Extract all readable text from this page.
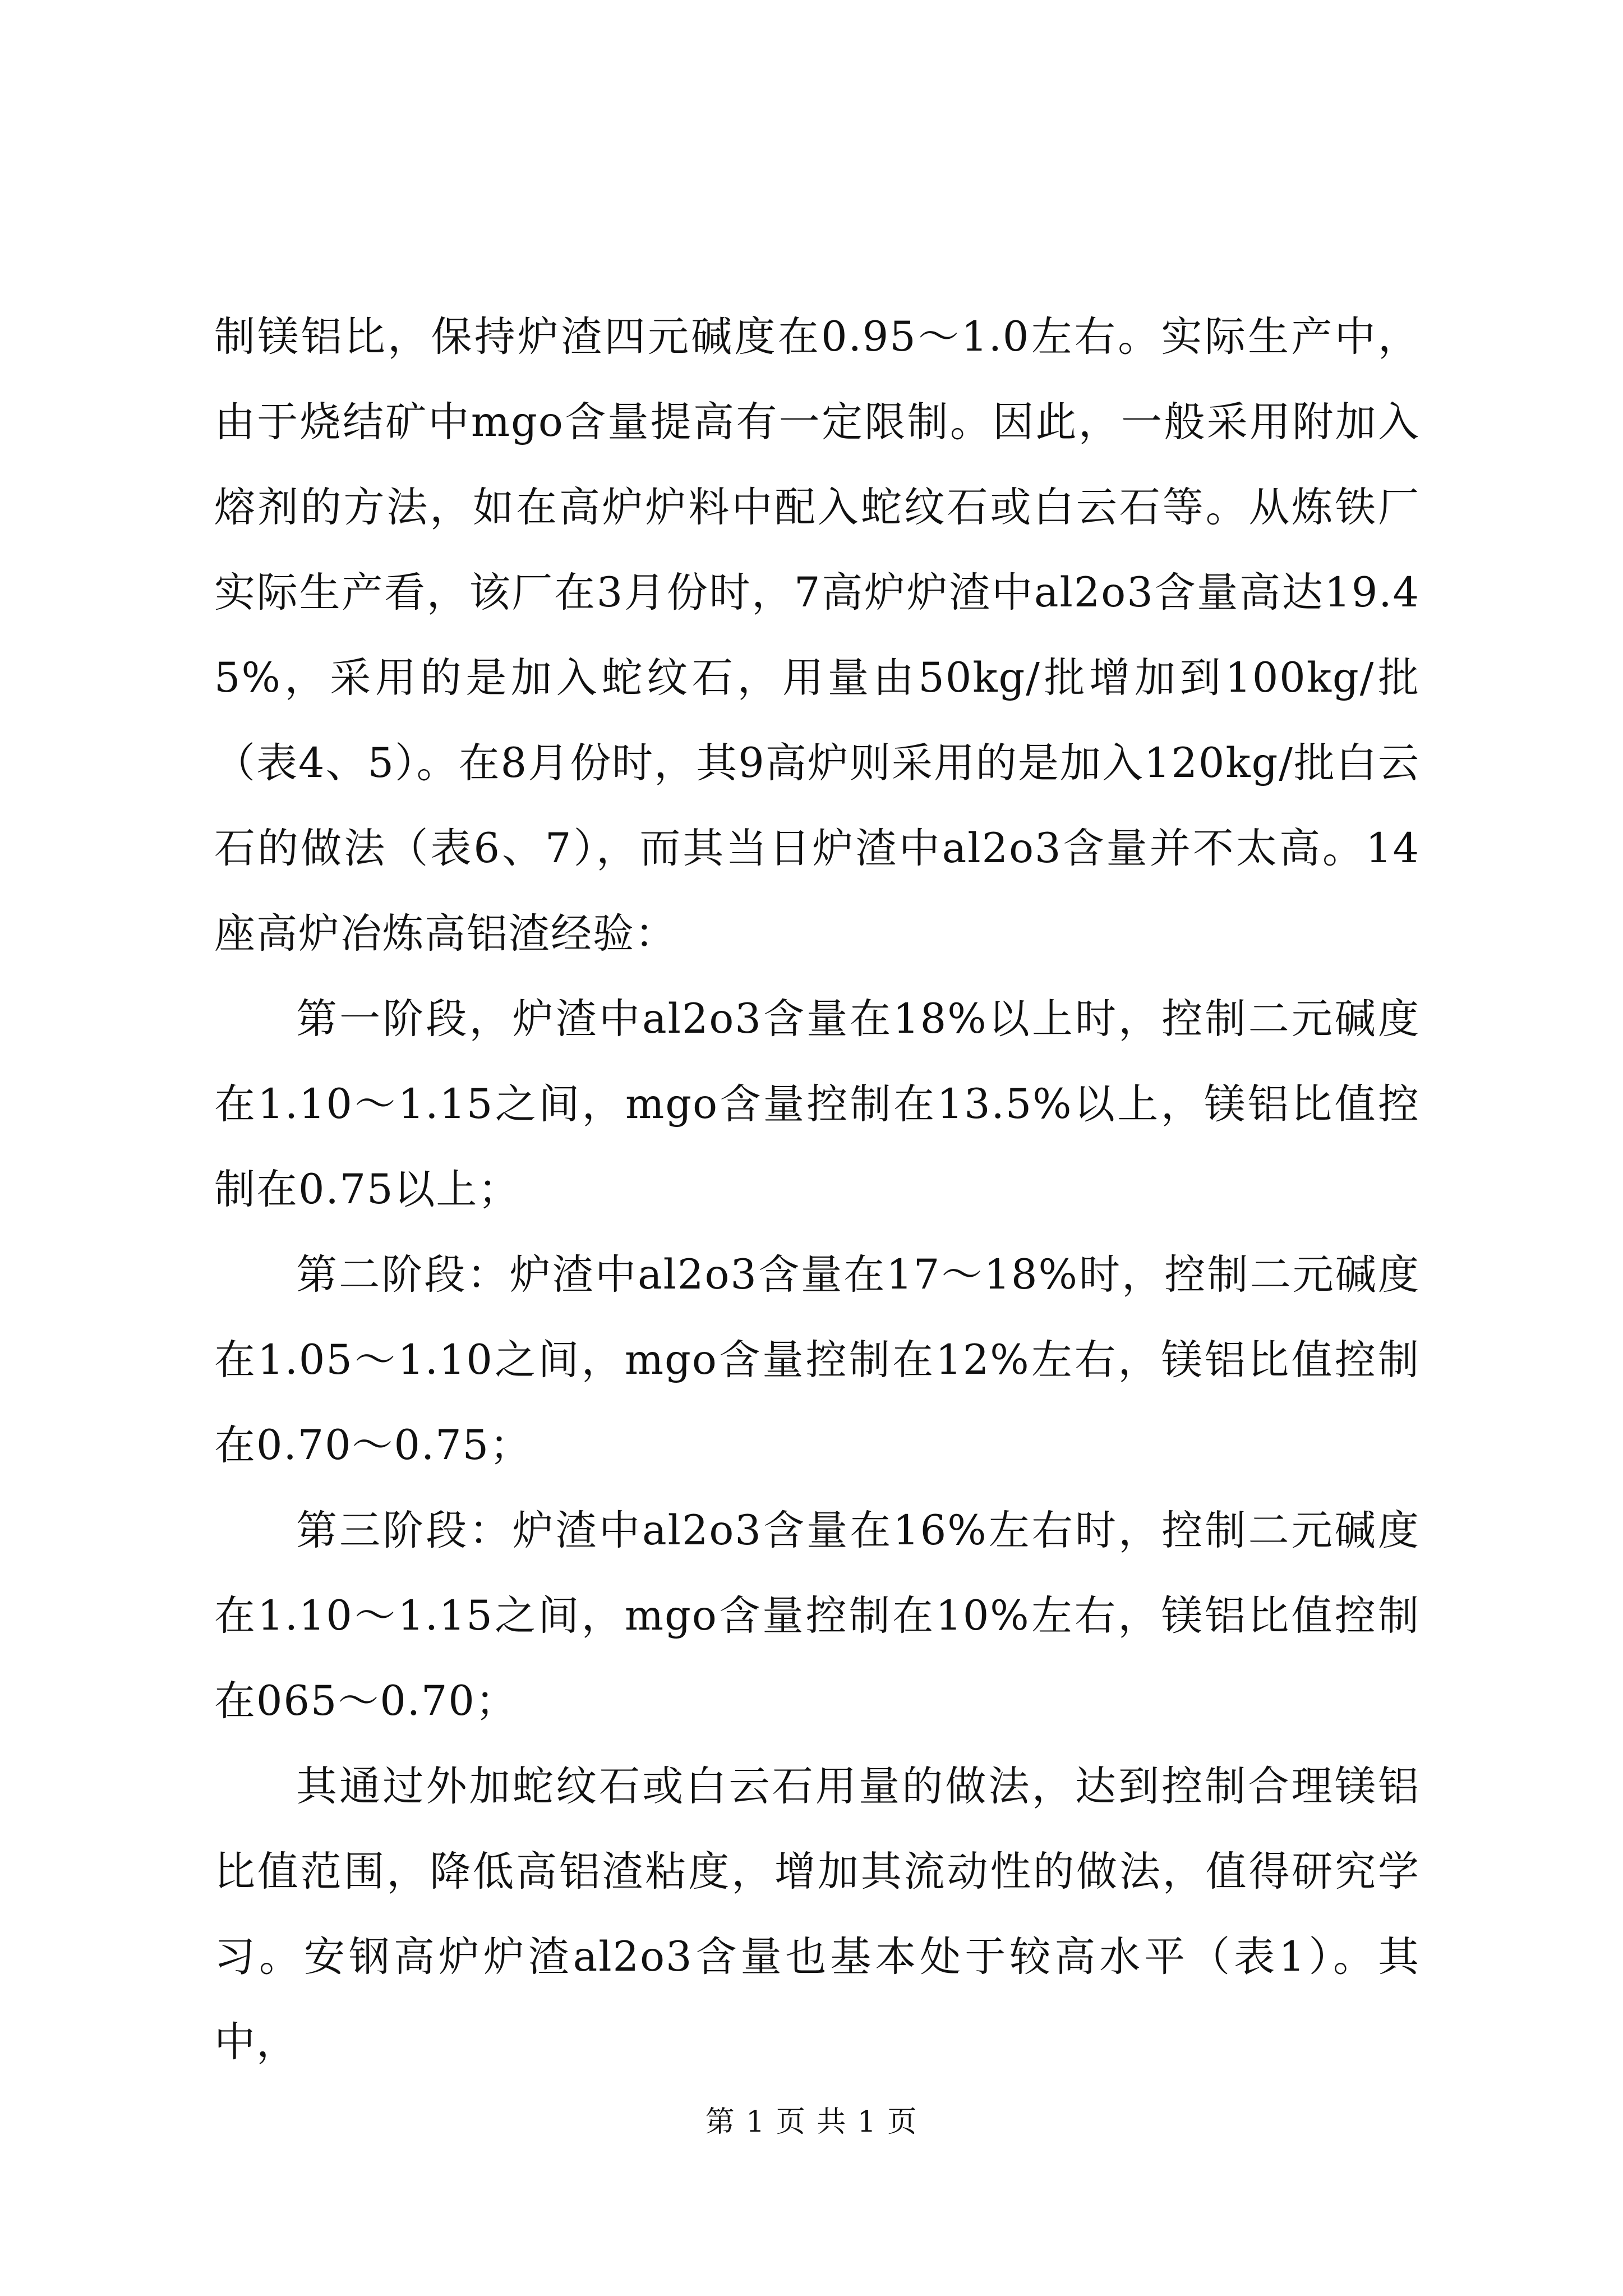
制镁铝比，保持炉渣四元碱度在0.95～1.0左右。实际生产中，由于烧结矿中mgo含量提高有一定限制。因此，一般采用附加入熔剂的方法，如在高炉炉料中配入蛇纹石或白云石等。从炼铁厂实际生产看，该厂在3月份时，7高炉炉渣中al2o3含量高达19.45%，采用的是加入蛇纹石，用量由50kg/批增加到100kg/批（表4、5）。在8月份时，其9高炉则采用的是加入120kg/批白云石的做法（表6、7），而其当日炉渣中al2o3含量并不太高。14座高炉冶炼高铝渣经验：

第一阶段，炉渣中al2o3含量在18%以上时，控制二元碱度在1.10～1.15之间，mgo含量控制在13.5%以上，镁铝比值控制在0.75以上；

第二阶段：炉渣中al2o3含量在17～18%时，控制二元碱度在1.05～1.10之间，mgo含量控制在12%左右，镁铝比值控制在0.70～0.75；

第三阶段：炉渣中al2o3含量在16%左右时，控制二元碱度在1.10～1.15之间，mgo含量控制在10%左右，镁铝比值控制在065～0.70；

其通过外加蛇纹石或白云石用量的做法，达到控制合理镁铝比值范围，降低高铝渣粘度，增加其流动性的做法，值得研究学习。安钢高炉炉渣al2o3含量也基本处于较高水平（表1）。其中，

第 1 页 共 1 页
